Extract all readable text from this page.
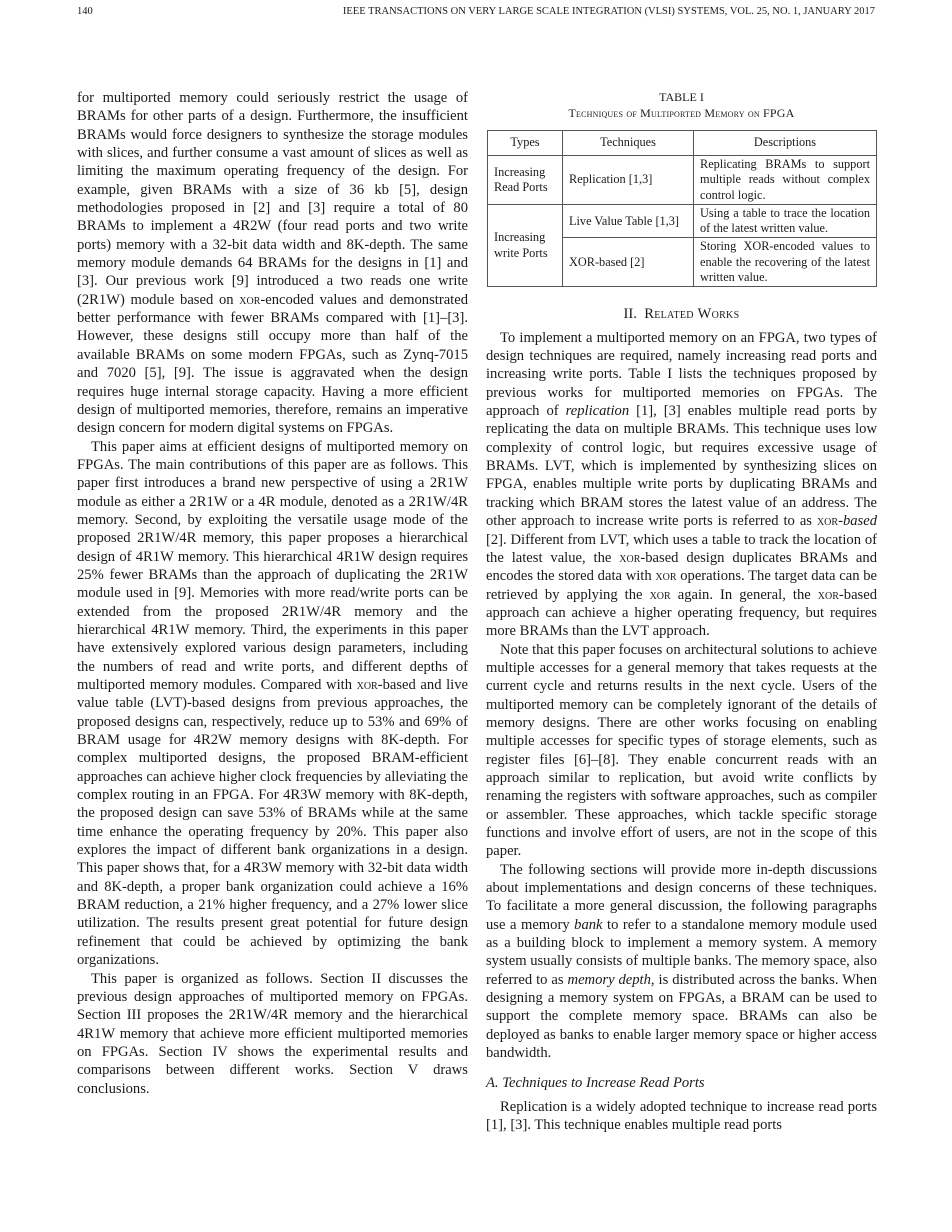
140	IEEE TRANSACTIONS ON VERY LARGE SCALE INTEGRATION (VLSI) SYSTEMS, VOL. 25, NO. 1, JANUARY 2017

for multiported memory could seriously restrict the usage of BRAMs for other parts of a design. Furthermore, the insufficient BRAMs would force designers to synthesize the storage modules with slices, and further consume a vast amount of slices as well as limiting the maximum operating frequency of the design. For example, given BRAMs with a size of 36 kb [5], design methodologies proposed in [2] and [3] require a total of 80 BRAMs to implement a 4R2W (four read ports and two write ports) memory with a 32-bit data width and 8K-depth. The same memory module demands 64 BRAMs for the designs in [1] and [3]. Our previous work [9] introduced a two reads one write (2R1W) module based on xor-encoded values and demonstrated better performance with fewer BRAMs compared with [1]–[3]. However, these designs still occupy more than half of the available BRAMs on some modern FPGAs, such as Zynq-7015 and 7020 [5], [9]. The issue is aggravated when the design requires huge internal storage capacity. Having a more efficient design of multiported memories, therefore, remains an imperative design concern for modern digital systems on FPGAs.

This paper aims at efficient designs of multiported memory on FPGAs. The main contributions of this paper are as follows. This paper first introduces a brand new perspective of using a 2R1W module as either a 2R1W or a 4R module, denoted as a 2R1W/4R memory. Second, by exploiting the versatile usage mode of the proposed 2R1W/4R memory, this paper proposes a hierarchical design of 4R1W memory. This hierarchical 4R1W design requires 25% fewer BRAMs than the approach of duplicating the 2R1W module used in [9]. Memories with more read/write ports can be extended from the proposed 2R1W/4R memory and the hierarchical 4R1W memory. Third, the experiments in this paper have extensively explored various design parameters, including the numbers of read and write ports, and different depths of multiported memory modules. Compared with xor-based and live value table (LVT)-based designs from previous approaches, the proposed designs can, respectively, reduce up to 53% and 69% of BRAM usage for 4R2W memory designs with 8K-depth. For complex multiported designs, the proposed BRAM-efficient approaches can achieve higher clock frequencies by alleviating the complex routing in an FPGA. For 4R3W memory with 8K-depth, the proposed design can save 53% of BRAMs while at the same time enhance the operating frequency by 20%. This paper also explores the impact of different bank organizations in a design. This paper shows that, for a 4R3W memory with 32-bit data width and 8K-depth, a proper bank organization could achieve a 16% BRAM reduction, a 21% higher frequency, and a 27% lower slice utilization. The results present great potential for future design refinement that could be achieved by optimizing the bank organizations.

This paper is organized as follows. Section II discusses the previous design approaches of multiported memory on FPGAs. Section III proposes the 2R1W/4R memory and the hierarchical 4R1W memory that achieve more efficient multiported memories on FPGAs. Section IV shows the experimental results and comparisons between different works. Section V draws conclusions.

TABLE I
Techniques of Multiported Memory on FPGA
Types	Techniques	Descriptions
Increasing Read Ports	Replication [1,3]	Replicating BRAMs to support multiple reads without complex control logic.
Increasing write Ports	Live Value Table [1,3]	Using a table to trace the location of the latest written value.
	XOR-based [2]	Storing XOR-encoded values to enable the recovering of the latest written value.
II. Related Works

To implement a multiported memory on an FPGA, two types of design techniques are required, namely increasing read ports and increasing write ports. Table I lists the techniques proposed by previous works for multiported memories on FPGAs. The approach of replication [1], [3] enables multiple read ports by replicating the data on multiple BRAMs. This technique uses low complexity of control logic, but requires excessive usage of BRAMs. LVT, which is implemented by synthesizing slices on FPGA, enables multiple write ports by duplicating BRAMs and tracking which BRAM stores the latest value of an address. The other approach to increase write ports is referred to as xor-based [2]. Different from LVT, which uses a table to track the location of the latest value, the xor-based design duplicates BRAMs and encodes the stored data with xor operations. The target data can be retrieved by applying the xor again. In general, the xor-based approach can achieve a higher operating frequency, but requires more BRAMs than the LVT approach.

Note that this paper focuses on architectural solutions to achieve multiple accesses for a general memory that takes requests at the current cycle and returns results in the next cycle. Users of the multiported memory can be completely ignorant of the details of memory designs. There are other works focusing on enabling multiple accesses for specific types of storage elements, such as register files [6]–[8]. They enable concurrent reads with an approach similar to replication, but avoid write conflicts by renaming the registers with software approaches, such as compiler or assembler. These approaches, which tackle specific storage functions and involve effort of users, are not in the scope of this paper.

The following sections will provide more in-depth discussions about implementations and design concerns of these techniques. To facilitate a more general discussion, the following paragraphs use a memory bank to refer to a standalone memory module used as a building block to implement a memory system. A memory system usually consists of multiple banks. The memory space, also referred to as memory depth, is distributed across the banks. When designing a memory system on FPGAs, a BRAM can be used to support the complete memory space. BRAMs can also be deployed as banks to enable larger memory space or higher access bandwidth.

A. Techniques to Increase Read Ports

Replication is a widely adopted technique to increase read ports [1], [3]. This technique enables multiple read ports
